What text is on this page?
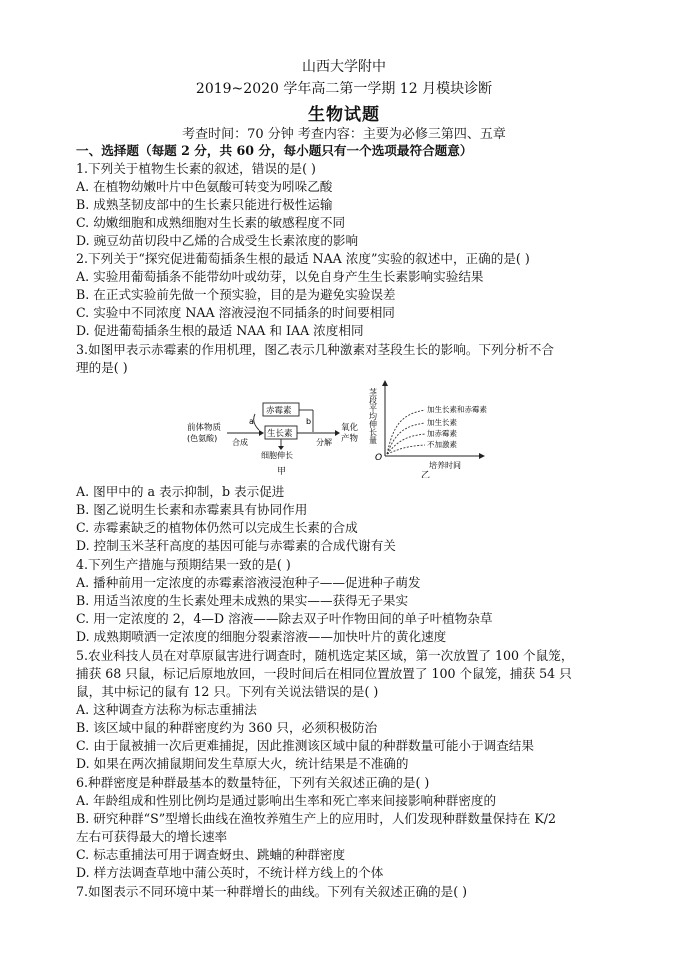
山西大学附中
2019~2020 学年高二第一学期 12 月模块诊断
生物试题
考查时间：70 分钟 考查内容：主要为必修三第四、五章
一、选择题（每题 2 分，共 60 分，每小题只有一个选项最符合题意）
1.下列关于植物生长素的叙述，错误的是( )
A. 在植物幼嫩叶片中色氨酸可转变为吲哚乙酸
B. 成熟茎韧皮部中的生长素只能进行极性运输
C. 幼嫩细胞和成熟细胞对生长素的敏感程度不同
D. 豌豆幼苗切段中乙烯的合成受生长素浓度的影响
2.下列关于“探究促进葡萄插条生根的最适 NAA 浓度”实验的叙述中，正确的是( )
A. 实验用葡萄插条不能带幼叶或幼芽，以免自身产生生长素影响实验结果
B. 在正式实验前先做一个预实验，目的是为避免实验误差
C. 实验中不同浓度 NAA 溶液浸泡不同插条的时间要相同
D. 促进葡萄插条生根的最适 NAA 和 IAA 浓度相同
3.如图甲表示赤霉素的作用机理，图乙表示几种激素对茎段生长的影响。下列分析不合
理的是( )
前体物质
(色氨酸) 合成
赤霉素
生长素
a	b
分解
氧化
产物
细胞伸长
甲
茎段平均伸长量
O
培养时间
加生长素和赤霉素
加生长素
加赤霉素
不加激素
乙
A. 图甲中的 a 表示抑制，b 表示促进
B. 图乙说明生长素和赤霉素具有协同作用
C. 赤霉素缺乏的植物体仍然可以完成生长素的合成
D. 控制玉米茎秆高度的基因可能与赤霉素的合成代谢有关
4.下列生产措施与预期结果一致的是( )
A. 播种前用一定浓度的赤霉素溶液浸泡种子——促进种子萌发
B. 用适当浓度的生长素处理未成熟的果实——获得无子果实
C. 用一定浓度的 2，4—D 溶液——除去双子叶作物田间的单子叶植物杂草
D. 成熟期喷洒一定浓度的细胞分裂素溶液——加快叶片的黄化速度
5.农业科技人员在对草原鼠害进行调查时，随机选定某区域，第一次放置了 100 个鼠笼，
捕获 68 只鼠，标记后原地放回，一段时间后在相同位置放置了 100 个鼠笼，捕获 54 只
鼠，其中标记的鼠有 12 只。下列有关说法错误的是( )
A. 这种调查方法称为标志重捕法
B. 该区域中鼠的种群密度约为 360 只，必须积极防治
C. 由于鼠被捕一次后更难捕捉，因此推测该区域中鼠的种群数量可能小于调查结果
D. 如果在两次捕鼠期间发生草原大火，统计结果是不准确的
6.种群密度是种群最基本的数量特征，下列有关叙述正确的是( )
A. 年龄组成和性别比例均是通过影响出生率和死亡率来间接影响种群密度的
B. 研究种群“S”型增长曲线在渔牧养殖生产上的应用时，人们发现种群数量保持在 K/2
左右可获得最大的增长速率
C. 标志重捕法可用于调查蚜虫、跳蝻的种群密度
D. 样方法调查草地中蒲公英时，不统计样方线上的个体
7.如图表示不同环境中某一种群增长的曲线。下列有关叙述正确的是( )
